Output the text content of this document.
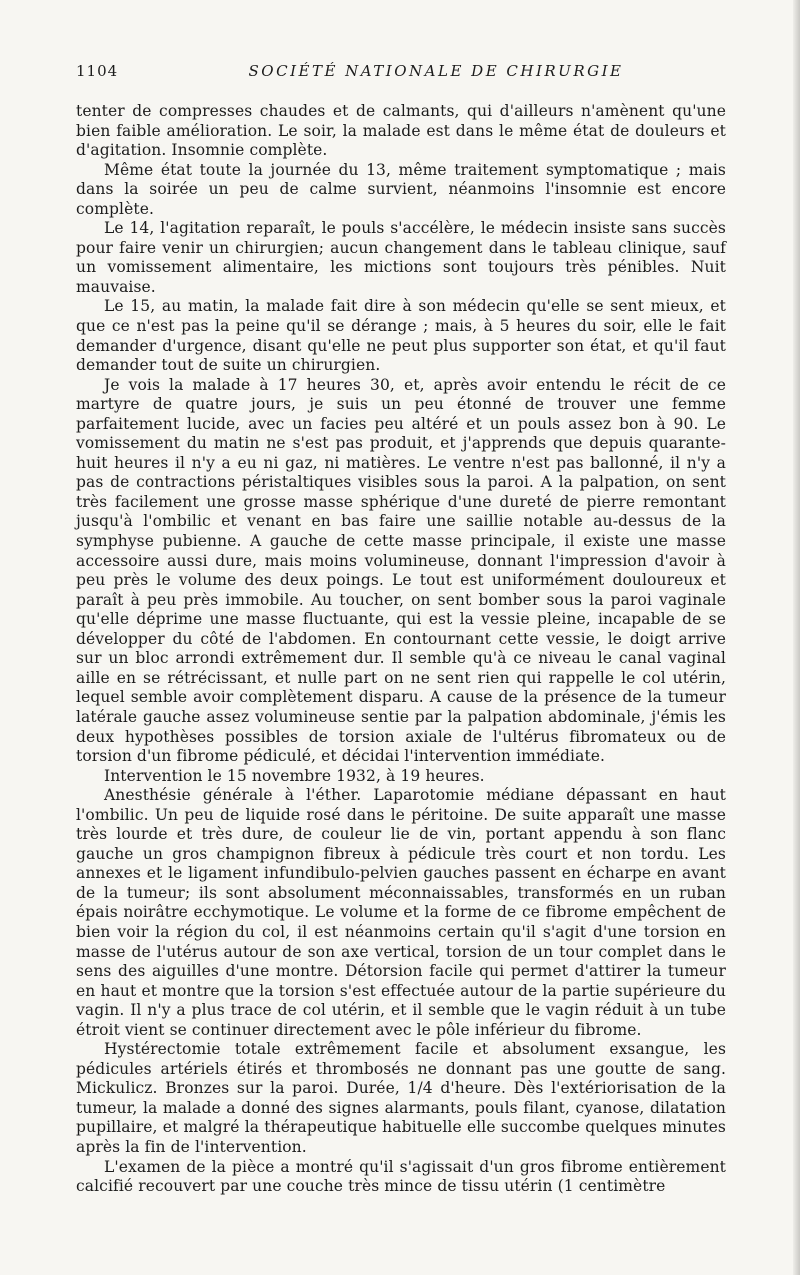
1104	SOCIÉTÉ NATIONALE DE CHIRURGIE

tenter de compresses chaudes et de calmants, qui d'ailleurs n'amènent qu'une bien faible amélioration. Le soir, la malade est dans le même état de douleurs et d'agitation. Insomnie complète.

Même état toute la journée du 13, même traitement symptomatique ; mais dans la soirée un peu de calme survient, néanmoins l'insomnie est encore complète.

Le 14, l'agitation reparaît, le pouls s'accélère, le médecin insiste sans succès pour faire venir un chirurgien; aucun changement dans le tableau clinique, sauf un vomissement alimentaire, les mictions sont toujours très pénibles. Nuit mauvaise.

Le 15, au matin, la malade fait dire à son médecin qu'elle se sent mieux, et que ce n'est pas la peine qu'il se dérange ; mais, à 5 heures du soir, elle le fait demander d'urgence, disant qu'elle ne peut plus supporter son état, et qu'il faut demander tout de suite un chirurgien.

Je vois la malade à 17 heures 30, et, après avoir entendu le récit de ce martyre de quatre jours, je suis un peu étonné de trouver une femme parfaitement lucide, avec un facies peu altéré et un pouls assez bon à 90. Le vomissement du matin ne s'est pas produit, et j'apprends que depuis quarante-huit heures il n'y a eu ni gaz, ni matières. Le ventre n'est pas ballonné, il n'y a pas de contractions péristaltiques visibles sous la paroi. A la palpation, on sent très facilement une grosse masse sphérique d'une dureté de pierre remontant jusqu'à l'ombilic et venant en bas faire une saillie notable au-dessus de la symphyse pubienne. A gauche de cette masse principale, il existe une masse accessoire aussi dure, mais moins volumineuse, donnant l'impression d'avoir à peu près le volume des deux poings. Le tout est uniformément douloureux et paraît à peu près immobile. Au toucher, on sent bomber sous la paroi vaginale qu'elle déprime une masse fluctuante, qui est la vessie pleine, incapable de se développer du côté de l'abdomen. En contournant cette vessie, le doigt arrive sur un bloc arrondi extrêmement dur. Il semble qu'à ce niveau le canal vaginal aille en se rétrécissant, et nulle part on ne sent rien qui rappelle le col utérin, lequel semble avoir complètement disparu. A cause de la présence de la tumeur latérale gauche assez volumineuse sentie par la palpation abdominale, j'émis les deux hypothèses possibles de torsion axiale de l'ultérus fibromateux ou de torsion d'un fibrome pédiculé, et décidai l'intervention immédiate.

Intervention le 15 novembre 1932, à 19 heures.

Anesthésie générale à l'éther. Laparotomie médiane dépassant en haut l'ombilic. Un peu de liquide rosé dans le péritoine. De suite apparaît une masse très lourde et très dure, de couleur lie de vin, portant appendu à son flanc gauche un gros champignon fibreux à pédicule très court et non tordu. Les annexes et le ligament infundibulo-pelvien gauches passent en écharpe en avant de la tumeur; ils sont absolument méconnaissables, transformés en un ruban épais noirâtre ecchymotique. Le volume et la forme de ce fibrome empêchent de bien voir la région du col, il est néanmoins certain qu'il s'agit d'une torsion en masse de l'utérus autour de son axe vertical, torsion de un tour complet dans le sens des aiguilles d'une montre. Détorsion facile qui permet d'attirer la tumeur en haut et montre que la torsion s'est effectuée autour de la partie supérieure du vagin. Il n'y a plus trace de col utérin, et il semble que le vagin réduit à un tube étroit vient se continuer directement avec le pôle inférieur du fibrome.

Hystérectomie totale extrêmement facile et absolument exsangue, les pédicules artériels étirés et thrombosés ne donnant pas une goutte de sang. Mickulicz. Bronzes sur la paroi. Durée, 1/4 d'heure. Dès l'extériorisation de la tumeur, la malade a donné des signes alarmants, pouls filant, cyanose, dilatation pupillaire, et malgré la thérapeutique habituelle elle succombe quelques minutes après la fin de l'intervention.

L'examen de la pièce a montré qu'il s'agissait d'un gros fibrome entièrement calcifié recouvert par une couche très mince de tissu utérin (1 centimètre
